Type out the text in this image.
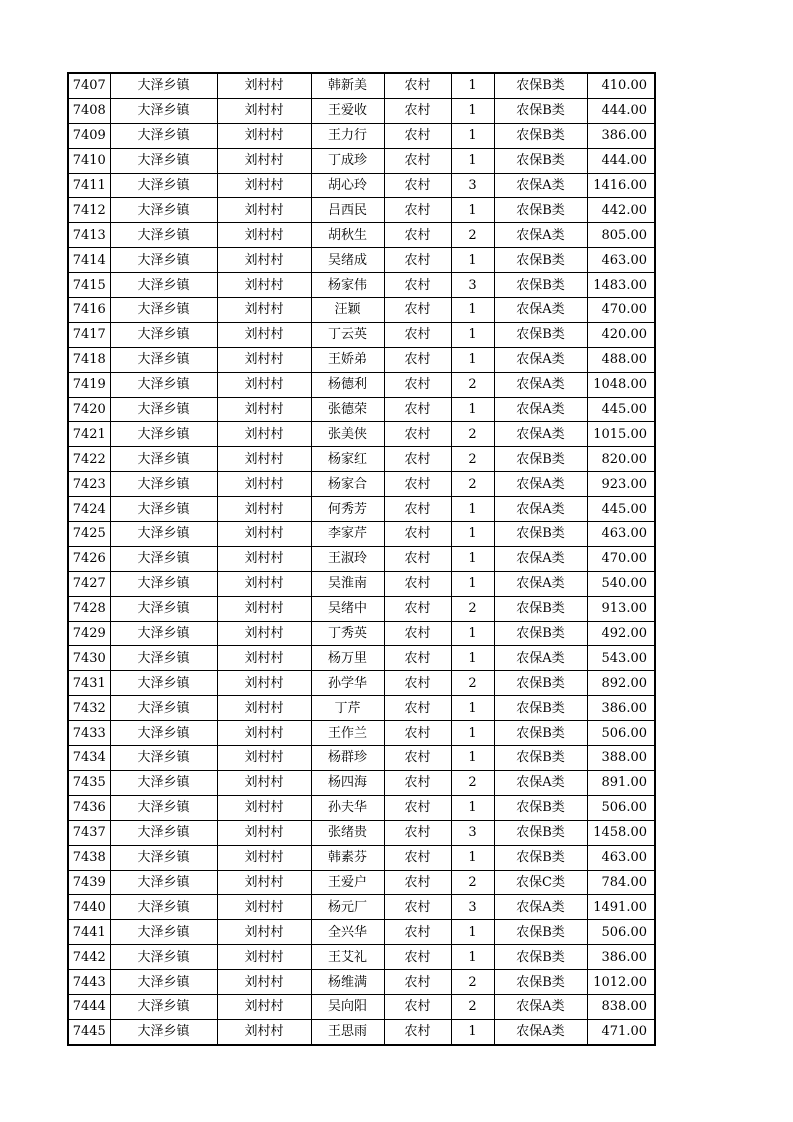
7407	大泽乡镇	刘村村	韩新美	农村	1	农保B类	410.00
7408	大泽乡镇	刘村村	王爱收	农村	1	农保B类	444.00
7409	大泽乡镇	刘村村	王力行	农村	1	农保B类	386.00
7410	大泽乡镇	刘村村	丁成珍	农村	1	农保B类	444.00
7411	大泽乡镇	刘村村	胡心玲	农村	3	农保A类	1416.00
7412	大泽乡镇	刘村村	吕西民	农村	1	农保B类	442.00
7413	大泽乡镇	刘村村	胡秋生	农村	2	农保A类	805.00
7414	大泽乡镇	刘村村	吴绪成	农村	1	农保B类	463.00
7415	大泽乡镇	刘村村	杨家伟	农村	3	农保B类	1483.00
7416	大泽乡镇	刘村村	汪颖	农村	1	农保A类	470.00
7417	大泽乡镇	刘村村	丁云英	农村	1	农保B类	420.00
7418	大泽乡镇	刘村村	王娇弟	农村	1	农保A类	488.00
7419	大泽乡镇	刘村村	杨德利	农村	2	农保A类	1048.00
7420	大泽乡镇	刘村村	张德荣	农村	1	农保A类	445.00
7421	大泽乡镇	刘村村	张美侠	农村	2	农保A类	1015.00
7422	大泽乡镇	刘村村	杨家红	农村	2	农保B类	820.00
7423	大泽乡镇	刘村村	杨家合	农村	2	农保A类	923.00
7424	大泽乡镇	刘村村	何秀芳	农村	1	农保A类	445.00
7425	大泽乡镇	刘村村	李家芹	农村	1	农保B类	463.00
7426	大泽乡镇	刘村村	王淑玲	农村	1	农保A类	470.00
7427	大泽乡镇	刘村村	吴淮南	农村	1	农保A类	540.00
7428	大泽乡镇	刘村村	吴绪中	农村	2	农保B类	913.00
7429	大泽乡镇	刘村村	丁秀英	农村	1	农保B类	492.00
7430	大泽乡镇	刘村村	杨万里	农村	1	农保A类	543.00
7431	大泽乡镇	刘村村	孙学华	农村	2	农保B类	892.00
7432	大泽乡镇	刘村村	丁芹	农村	1	农保B类	386.00
7433	大泽乡镇	刘村村	王作兰	农村	1	农保B类	506.00
7434	大泽乡镇	刘村村	杨群珍	农村	1	农保B类	388.00
7435	大泽乡镇	刘村村	杨四海	农村	2	农保A类	891.00
7436	大泽乡镇	刘村村	孙夫华	农村	1	农保B类	506.00
7437	大泽乡镇	刘村村	张绪贵	农村	3	农保B类	1458.00
7438	大泽乡镇	刘村村	韩素芬	农村	1	农保B类	463.00
7439	大泽乡镇	刘村村	王爱户	农村	2	农保C类	784.00
7440	大泽乡镇	刘村村	杨元厂	农村	3	农保A类	1491.00
7441	大泽乡镇	刘村村	全兴华	农村	1	农保B类	506.00
7442	大泽乡镇	刘村村	王艾礼	农村	1	农保B类	386.00
7443	大泽乡镇	刘村村	杨维满	农村	2	农保B类	1012.00
7444	大泽乡镇	刘村村	吴向阳	农村	2	农保A类	838.00
7445	大泽乡镇	刘村村	王思雨	农村	1	农保A类	471.00
